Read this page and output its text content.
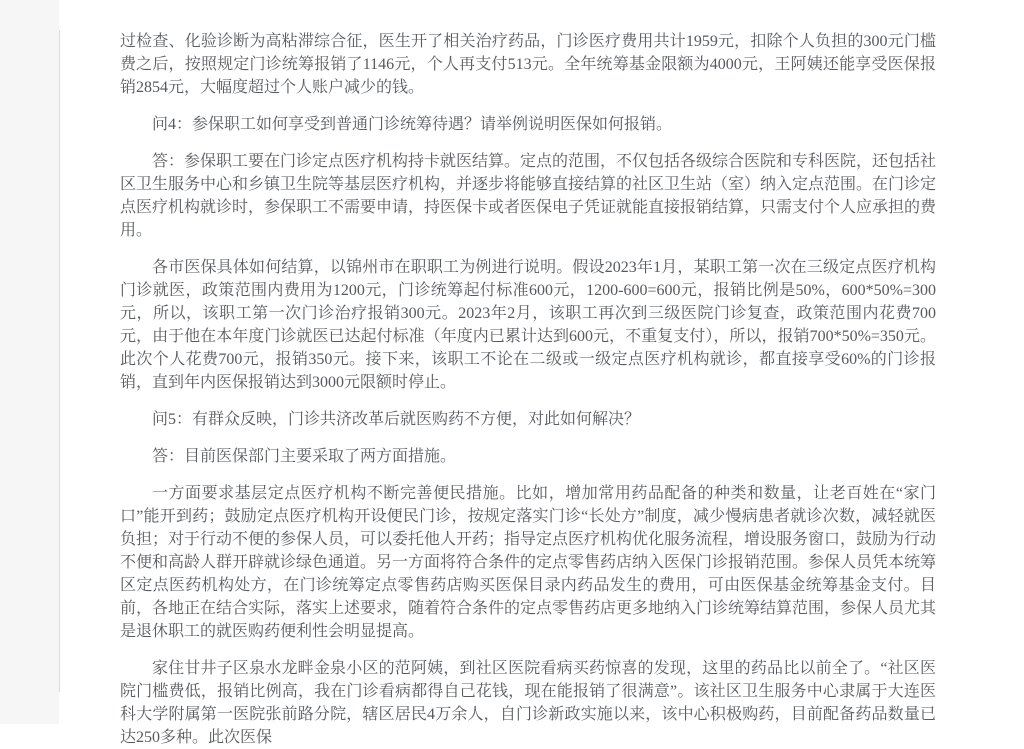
过检查、化验诊断为高粘滞综合征，医生开了相关治疗药品，门诊医疗费用共计1959元，扣除个人负担的300元门槛费之后，按照规定门诊统筹报销了1146元，个人再支付513元。全年统筹基金限额为4000元，王阿姨还能享受医保报销2854元，大幅度超过个人账户减少的钱。

问4：参保职工如何享受到普通门诊统筹待遇？请举例说明医保如何报销。

答：参保职工要在门诊定点医疗机构持卡就医结算。定点的范围，不仅包括各级综合医院和专科医院，还包括社区卫生服务中心和乡镇卫生院等基层医疗机构，并逐步将能够直接结算的社区卫生站（室）纳入定点范围。在门诊定点医疗机构就诊时，参保职工不需要申请，持医保卡或者医保电子凭证就能直接报销结算，只需支付个人应承担的费用。

各市医保具体如何结算，以锦州市在职职工为例进行说明。假设2023年1月，某职工第一次在三级定点医疗机构门诊就医，政策范围内费用为1200元，门诊统筹起付标准600元，1200-600=600元，报销比例是50%，600*50%=300元，所以，该职工第一次门诊治疗报销300元。2023年2月，该职工再次到三级医院门诊复查，政策范围内花费700元，由于他在本年度门诊就医已达起付标准（年度内已累计达到600元，不重复支付），所以，报销700*50%=350元。此次个人花费700元，报销350元。接下来，该职工不论在二级或一级定点医疗机构就诊，都直接享受60%的门诊报销，直到年内医保报销达到3000元限额时停止。

问5：有群众反映，门诊共济改革后就医购药不方便，对此如何解决？

答：目前医保部门主要采取了两方面措施。

一方面要求基层定点医疗机构不断完善便民措施。比如，增加常用药品配备的种类和数量，让老百姓在“家门口”能开到药；鼓励定点医疗机构开设便民门诊，按规定落实门诊“长处方”制度，减少慢病患者就诊次数，减轻就医负担；对于行动不便的参保人员，可以委托他人开药；指导定点医疗机构优化服务流程，增设服务窗口，鼓励为行动不便和高龄人群开辟就诊绿色通道。另一方面将符合条件的定点零售药店纳入医保门诊报销范围。参保人员凭本统筹区定点医药机构处方，在门诊统筹定点零售药店购买医保目录内药品发生的费用，可由医保基金统筹基金支付。目前，各地正在结合实际，落实上述要求，随着符合条件的定点零售药店更多地纳入门诊统筹结算范围，参保人员尤其是退休职工的就医购药便利性会明显提高。

家住甘井子区泉水龙畔金泉小区的范阿姨，到社区医院看病买药惊喜的发现，这里的药品比以前全了。“社区医院门槛费低，报销比例高，我在门诊看病都得自己花钱，现在能报销了很满意”。该社区卫生服务中心隶属于大连医科大学附属第一医院张前路分院，辖区居民4万余人，自门诊新政实施以来，该中心积极购药，目前配备药品数量已达250多种。此次医保
